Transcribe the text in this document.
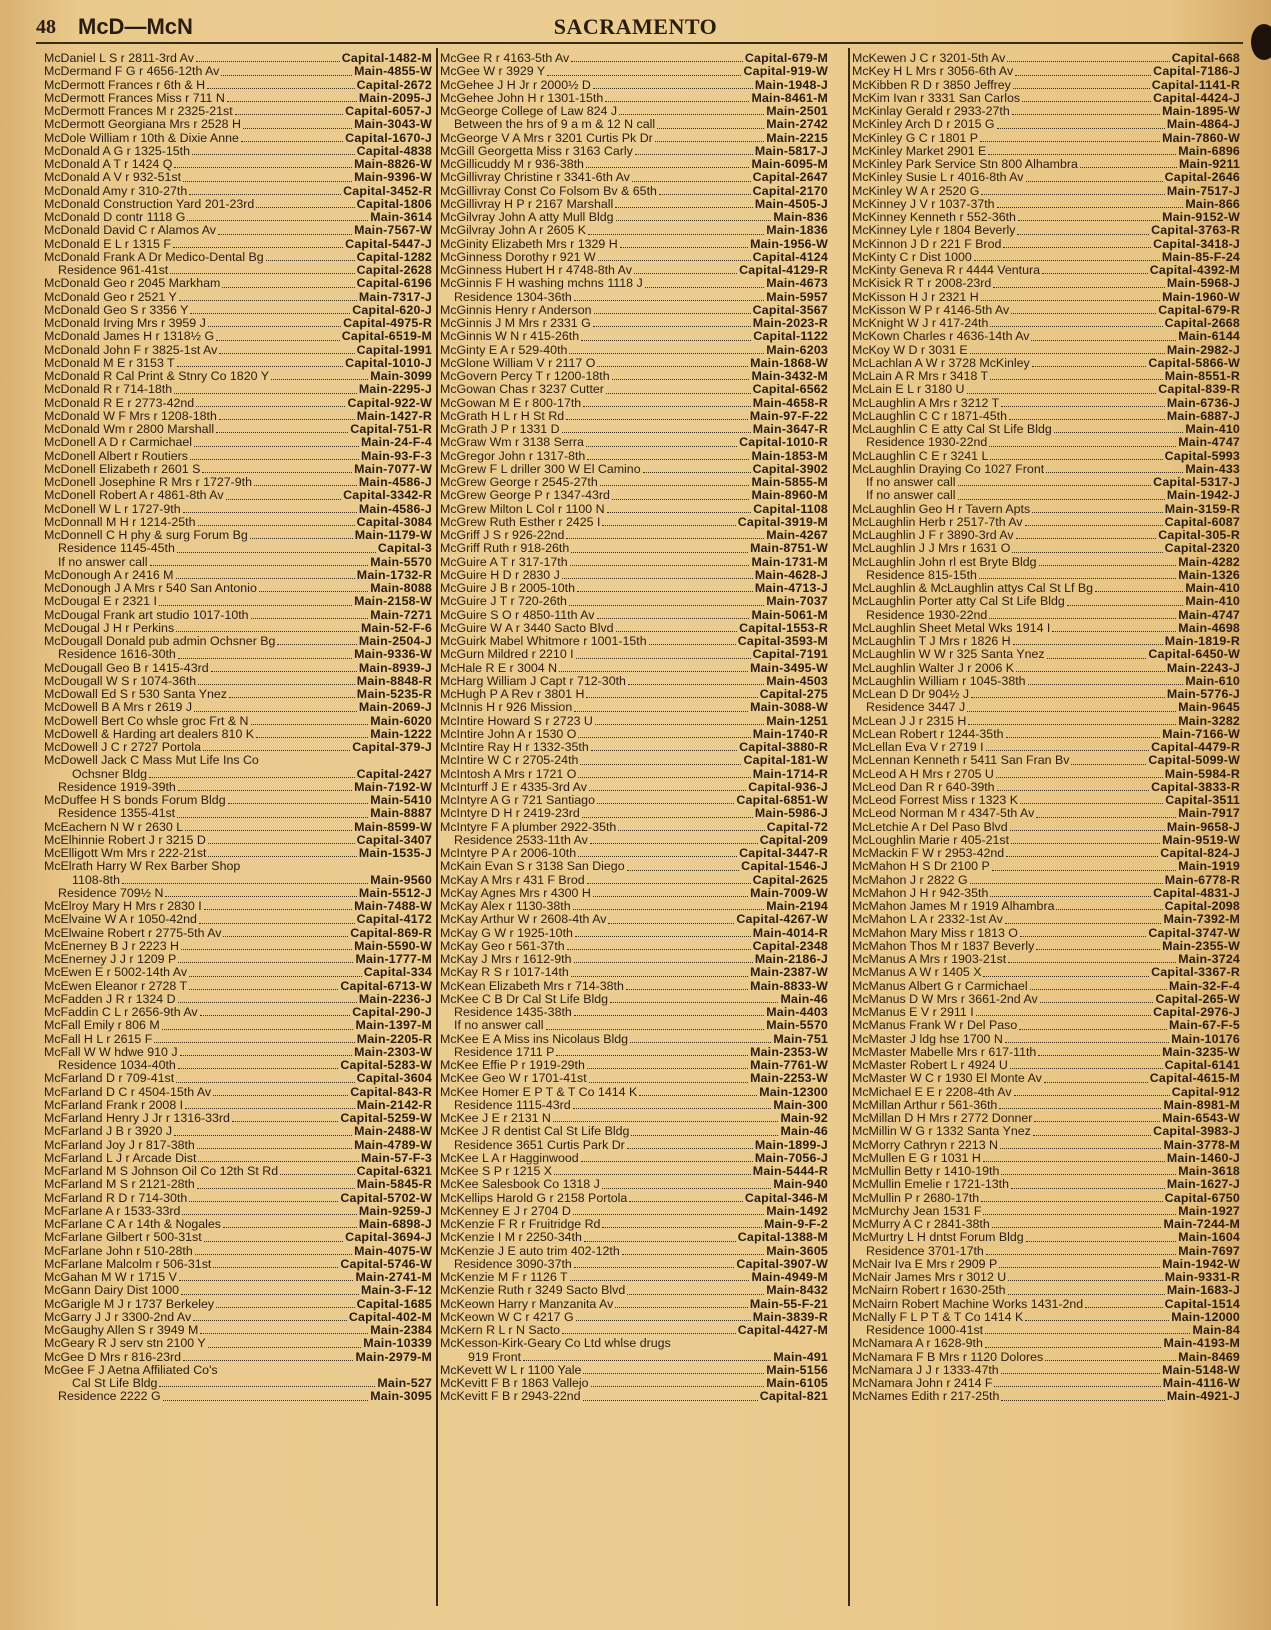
48 McD—McN	SACRAMENTO
McDaniel L S r 2811-3rd Av	Capital-1482-M
McDermand F G r 4656-12th Av	Main-4855-W
McDermott Frances r 6th & H	Capital-2672
McDermott Frances Miss r 711 N	Main-2095-J
McDermott Frances M r 2325-21st	Capital-6057-J
McDermott Georgiana Mrs r 2528 H	Main-3043-W
McDole William r 10th & Dixie Anne	Capital-1670-J
McDonald A G r 1325-15th	Capital-4838
McDonald A T r 1424 Q	Main-8826-W
McDonald A V r 932-51st	Main-9396-W
McDonald Amy r 310-27th	Capital-3452-R
McDonald Construction Yard 201-23rd	Capital-1806
McDonald D contr 1118 G	Main-3614
McDonald David C r Alamos Av	Main-7567-W
McDonald E L r 1315 F	Capital-5447-J
McDonald Frank A Dr Medico-Dental Bg	Capital-1282
Residence 961-41st	Capital-2628
McDonald Geo r 2045 Markham	Capital-6196
McDonald Geo r 2521 Y	Main-7317-J
McDonald Geo S r 3356 Y	Capital-620-J
McDonald Irving Mrs r 3959 J	Capital-4975-R
McDonald James H r 1318½ G	Capital-6519-M
McDonald John F r 3825-1st Av	Capital-1991
McDonald M E r 3153 T	Capital-1010-J
McDonald R Cal Print & Stnry Co 1820 Y	Main-3099
McDonald R r 714-18th	Main-2295-J
McDonald R E r 2773-42nd	Capital-922-W
McDonald W F Mrs r 1208-18th	Main-1427-R
McDonald Wm r 2800 Marshall	Capital-751-R
McDonell A D r Carmichael	Main-24-F-4
McDonell Albert r Routiers	Main-93-F-3
McDonell Elizabeth r 2601 S	Main-7077-W
McDonell Josephine R Mrs r 1727-9th	Main-4586-J
McDonell Robert A r 4861-8th Av	Capital-3342-R
McDonell W L r 1727-9th	Main-4586-J
McDonnall M H r 1214-25th	Capital-3084
McDonnell C H phy & surg Forum Bg	Main-1179-W
Residence 1145-45th	Capital-3
If no answer call	Main-5570
McDonough A r 2416 M	Main-1732-R
McDonough J A Mrs r 540 San Antonio	Main-8088
McDougal E r 2321 I	Main-2158-W
McDougal Frank art studio 1017-10th	Main-7271
McDougal J H r Perkins	Main-52-F-6
McDougall Donald pub admin Ochsner Bg	Main-2504-J
Residence 1616-30th	Main-9336-W
McDougall Geo B r 1415-43rd	Main-8939-J
McDougall W S r 1074-36th	Main-8848-R
McDowall Ed S r 530 Santa Ynez	Main-5235-R
McDowell B A Mrs r 2619 J	Main-2069-J
McDowell Bert Co whsle groc Frt & N	Main-6020
McDowell & Harding art dealers 810 K	Main-1222
McDowell J C r 2727 Portola	Capital-379-J
McDowell Jack C Mass Mut Life Ins Co
Ochsner Bldg	Capital-2427
Residence 1919-39th	Main-7192-W
McDuffee H S bonds Forum Bldg	Main-5410
Residence 1355-41st	Main-8887
McEachern N W r 2630 L	Main-8599-W
McElhinnie Robert J r 3215 D	Capital-3407
McElligott Wm Mrs r 222-21st	Main-1535-J
McElrath Harry W Rex Barber Shop
1108-8th	Main-9560
Residence 709½ N	Main-5512-J
McElroy Mary H Mrs r 2830 I	Main-7488-W
McElvaine W A r 1050-42nd	Capital-4172
McElwaine Robert r 2775-5th Av	Capital-869-R
McEnerney B J r 2223 H	Main-5590-W
McEnerney J J r 1209 P	Main-1777-M
McEwen E r 5002-14th Av	Capital-334
McEwen Eleanor r 2728 T	Capital-6713-W
McFadden J R r 1324 D	Main-2236-J
McFaddin C L r 2656-9th Av	Capital-290-J
McFall Emily r 806 M	Main-1397-M
McFall H L r 2615 F	Main-2205-R
McFall W W hdwe 910 J	Main-2303-W
Residence 1034-40th	Capital-5283-W
McFarland D r 709-41st	Capital-3604
McFarland D C r 4504-15th Av	Capital-843-R
McFarland Frank r 2008 I	Main-2142-R
McFarland Henry J Jr r 1316-33rd	Capital-5259-W
McFarland J B r 3920 J	Main-2488-W
McFarland Joy J r 817-38th	Main-4789-W
McFarland L J r Arcade Dist	Main-57-F-3
McFarland M S Johnson Oil Co 12th St Rd	Capital-6321
McFarland M S r 2121-28th	Main-5845-R
McFarland R D r 714-30th	Capital-5702-W
McFarlane A r 1533-33rd	Main-9259-J
McFarlane C A r 14th & Nogales	Main-6898-J
McFarlane Gilbert r 500-31st	Capital-3694-J
McFarlane John r 510-28th	Main-4075-W
McFarlane Malcolm r 506-31st	Capital-5746-W
McGahan M W r 1715 V	Main-2741-M
McGann Dairy Dist 1000	Main-3-F-12
McGarigle M J r 1737 Berkeley	Capital-1685
McGarry J J r 3300-2nd Av	Capital-402-M
McGaughy Allen S r 3949 M	Main-2384
McGeary R J serv stn 2100 Y	Main-10339
McGee D Mrs r 816-23rd	Main-2979-M
McGee F J Aetna Affiliated Co's
Cal St Life Bldg	Main-527
Residence 2222 G	Main-3095
McGee R r 4163-5th Av	Capital-679-M
McGee W r 3929 Y	Capital-919-W
McGehee J H Jr r 2000½ D	Main-1948-J
McGehee John H r 1301-15th	Main-8461-M
McGeorge College of Law 824 J	Main-2501
Between the hrs of 9 a m & 12 N call	Main-2742
McGeorge V A Mrs r 3201 Curtis Pk Dr	Main-2215
McGill Georgetta Miss r 3163 Carly	Main-5817-J
McGillicuddy M r 936-38th	Main-6095-M
McGillivray Christine r 3341-6th Av	Capital-2647
McGillivray Const Co Folsom Bv & 65th	Capital-2170
McGillivray H P r 2167 Marshall	Main-4505-J
McGilvray John A atty Mull Bldg	Main-836
McGilvray John A r 2605 K	Main-1836
McGinity Elizabeth Mrs r 1329 H	Main-1956-W
McGinness Dorothy r 921 W	Capital-4124
McGinness Hubert H r 4748-8th Av	Capital-4129-R
McGinnis F H washing mchns 1118 J	Main-4673
Residence 1304-36th	Main-5957
McGinnis Henry r Anderson	Capital-3567
McGinnis J M Mrs r 2331 G	Main-2023-R
McGinnis W N r 415-26th	Capital-1122
McGinty E A r 529-40th	Main-6203
McGlone William V r 2117 O	Main-1868-W
McGovern Percy T r 1200-18th	Main-3432-M
McGowan Chas r 3237 Cutter	Capital-6562
McGowan M E r 800-17th	Main-4658-R
McGrath H L r H St Rd	Main-97-F-22
McGrath J P r 1331 D	Main-3647-R
McGraw Wm r 3138 Serra	Capital-1010-R
McGregor John r 1317-8th	Main-1853-M
McGrew F L driller 300 W El Camino	Capital-3902
McGrew George r 2545-27th	Main-5855-M
McGrew George P r 1347-43rd	Main-8960-M
McGrew Milton L Col r 1100 N	Capital-1108
McGrew Ruth Esther r 2425 I	Capital-3919-M
McGriff J S r 926-22nd	Main-4267
McGriff Ruth r 918-26th	Main-8751-W
McGuire A T r 317-17th	Main-1731-M
McGuire H D r 2830 J	Main-4628-J
McGuire J B r 2005-10th	Main-4713-J
McGuire J T r 720-26th	Main-7037
McGuire S O r 4850-11th Av	Main-5061-M
McGuire W A r 3440 Sacto Blvd	Capital-1553-R
McGuirk Mabel Whitmore r 1001-15th	Capital-3593-M
McGurn Mildred r 2210 I	Capital-7191
McHale R E r 3004 N	Main-3495-W
McHarg William J Capt r 712-30th	Main-4503
McHugh P A Rev r 3801 H	Capital-275
McInnis H r 926 Mission	Main-3088-W
McIntire Howard S r 2723 U	Main-1251
McIntire John A r 1530 O	Main-1740-R
McIntire Ray H r 1332-35th	Capital-3880-R
McIntire W C r 2705-24th	Capital-181-W
McIntosh A Mrs r 1721 O	Main-1714-R
McInturff J E r 4335-3rd Av	Capital-936-J
McIntyre A G r 721 Santiago	Capital-6851-W
McIntyre D H r 2419-23rd	Main-5986-J
McIntyre F A plumber 2922-35th	Capital-72
Residence 2533-11th Av	Capital-209
McIntyre P A r 2006-10th	Capital-3447-R
McKain Evan S r 3138 San Diego	Capital-1546-J
McKay A Mrs r 431 F Brod	Capital-2625
McKay Agnes Mrs r 4300 H	Main-7009-W
McKay Alex r 1130-38th	Main-2194
McKay Arthur W r 2608-4th Av	Capital-4267-W
McKay G W r 1925-10th	Main-4014-R
McKay Geo r 561-37th	Capital-2348
McKay J Mrs r 1612-9th	Main-2186-J
McKay R S r 1017-14th	Main-2387-W
McKean Elizabeth Mrs r 714-38th	Main-8833-W
McKee C B Dr Cal St Life Bldg	Main-46
Residence 1435-38th	Main-4403
If no answer call	Main-5570
McKee E A Miss ins Nicolaus Bldg	Main-751
Residence 1711 P	Main-2353-W
McKee Effie P r 1919-29th	Main-7761-W
McKee Geo W r 1701-41st	Main-2253-W
McKee Homer E P T & T Co 1414 K	Main-12300
Residence 1115-43rd	Main-300
McKee J E r 2131 N	Main-92
McKee J R dentist Cal St Life Bldg	Main-46
Residence 3651 Curtis Park Dr	Main-1899-J
McKee L A r Hagginwood	Main-7056-J
McKee S P r 1215 X	Main-5444-R
McKee Salesbook Co 1318 J	Main-940
McKellips Harold G r 2158 Portola	Capital-346-M
McKenney E J r 2704 D	Main-1492
McKenzie F R r Fruitridge Rd	Main-9-F-2
McKenzie I M r 2250-34th	Capital-1388-M
McKenzie J E auto trim 402-12th	Main-3605
Residence 3090-37th	Capital-3907-W
McKenzie M F r 1126 T	Main-4949-M
McKenzie Ruth r 3249 Sacto Blvd	Main-8432
McKeown Harry r Manzanita Av	Main-55-F-21
McKeown W C r 4217 G	Main-3839-R
McKern R L r N Sacto	Capital-4427-M
McKesson-Kirk-Geary Co Ltd whlse drugs
919 Front	Main-491
McKevett W L r 1100 Yale	Main-5156
McKevitt F B r 1863 Vallejo	Main-6105
McKevitt F B r 2943-22nd	Capital-821
McKewen J C r 3201-5th Av	Capital-668
McKey H L Mrs r 3056-6th Av	Capital-7186-J
McKibben R D r 3850 Jeffrey	Capital-1141-R
McKim Ivan r 3331 San Carlos	Capital-4424-J
McKinlay Gerald r 2933-27th	Main-1895-W
McKinley Arch D r 2015 G	Main-4864-J
McKinley G C r 1801 P	Main-7860-W
McKinley Market 2901 E	Main-6896
McKinley Park Service Stn 800 Alhambra	Main-9211
McKinley Susie L r 4016-8th Av	Capital-2646
McKinley W A r 2520 G	Main-7517-J
McKinney J V r 1037-37th	Main-866
McKinney Kenneth r 552-36th	Main-9152-W
McKinney Lyle r 1804 Beverly	Capital-3763-R
McKinnon J D r 221 F Brod	Capital-3418-J
McKinty C r Dist 1000	Main-85-F-24
McKinty Geneva R r 4444 Ventura	Capital-4392-M
McKisick R T r 2008-23rd	Main-5968-J
McKisson H J r 2321 H	Main-1960-W
McKisson W P r 4146-5th Av	Capital-679-R
McKnight W J r 417-24th	Capital-2668
McKown Charles r 4636-14th Av	Main-6144
McKoy W D r 3031 E	Main-2982-J
McLachlan A W r 3728 McKinley	Capital-5866-W
McLain A R Mrs r 3418 T	Main-8551-R
McLain E L r 3180 U	Capital-839-R
McLaughlin A Mrs r 3212 T	Main-6736-J
McLaughlin C C r 1871-45th	Main-6887-J
McLaughlin C E atty Cal St Life Bldg	Main-410
Residence 1930-22nd	Main-4747
McLaughlin C E r 3241 L	Capital-5993
McLaughlin Draying Co 1027 Front	Main-433
If no answer call	Capital-5317-J
If no answer call	Main-1942-J
McLaughlin Geo H r Tavern Apts	Main-3159-R
McLaughlin Herb r 2517-7th Av	Capital-6087
McLaughlin J F r 3890-3rd Av	Capital-305-R
McLaughlin J J Mrs r 1631 O	Capital-2320
McLaughlin John rl est Bryte Bldg	Main-4282
Residence 815-15th	Main-1326
McLaughlin & McLaughlin attys Cal St Lf Bg	Main-410
McLaughlin Porter atty Cal St Life Bldg	Main-410
Residence 1930-22nd	Main-4747
McLaughlin Sheet Metal Wks 1914 I	Main-4698
McLaughlin T J Mrs r 1826 H	Main-1819-R
McLaughlin W W r 325 Santa Ynez	Capital-6450-W
McLaughlin Walter J r 2006 K	Main-2243-J
McLaughlin William r 1045-38th	Main-610
McLean D Dr 904½ J	Main-5776-J
Residence 3447 J	Main-9645
McLean J J r 2315 H	Main-3282
McLean Robert r 1244-35th	Main-7166-W
McLellan Eva V r 2719 I	Capital-4479-R
McLennan Kenneth r 5411 San Fran Bv	Capital-5099-W
McLeod A H Mrs r 2705 U	Main-5984-R
McLeod Dan R r 640-39th	Capital-3833-R
McLeod Forrest Miss r 1323 K	Capital-3511
McLeod Norman M r 4347-5th Av	Main-7917
McLetchie A r Del Paso Blvd	Main-9658-J
McLoughlin Marie r 405-21st	Main-9519-W
McMackin F W r 2953-42nd	Capital-824-J
McMahon H S Dr 2100 P	Main-1919
McMahon J r 2822 G	Main-6778-R
McMahon J H r 942-35th	Capital-4831-J
McMahon James M r 1919 Alhambra	Capital-2098
McMahon L A r 2332-1st Av	Main-7392-M
McMahon Mary Miss r 1813 O	Capital-3747-W
McMahon Thos M r 1837 Beverly	Main-2355-W
McManus A Mrs r 1903-21st	Main-3724
McManus A W r 1405 X	Capital-3367-R
McManus Albert G r Carmichael	Main-32-F-4
McManus D W Mrs r 3661-2nd Av	Capital-265-W
McManus E V r 2911 I	Capital-2976-J
McManus Frank W r Del Paso	Main-67-F-5
McMaster J ldg hse 1700 N	Main-10176
McMaster Mabelle Mrs r 617-11th	Main-3235-W
McMaster Robert L r 4924 U	Capital-6141
McMaster W C r 1930 El Monte Av	Capital-4615-M
McMichael E E r 2208-4th Av	Capital-912
McMillan Arthur r 561-36th	Main-8981-M
McMillan D H Mrs r 2772 Donner	Main-6543-W
McMillin W G r 1332 Santa Ynez	Capital-3983-J
McMorry Cathryn r 2213 N	Main-3778-M
McMullen E G r 1031 H	Main-1460-J
McMullin Betty r 1410-19th	Main-3618
McMullin Emelie r 1721-13th	Main-1627-J
McMullin P r 2680-17th	Capital-6750
McMurchy Jean 1531 F	Main-1927
McMurry A C r 2841-38th	Main-7244-M
McMurtry L H dntst Forum Bldg	Main-1604
Residence 3701-17th	Main-7697
McNair Iva E Mrs r 2909 P	Main-1942-W
McNair James Mrs r 3012 U	Main-9331-R
McNairn Robert r 1630-25th	Main-1683-J
McNairn Robert Machine Works 1431-2nd	Capital-1514
McNally F L P T & T Co 1414 K	Main-12000
Residence 1000-41st	Main-84
McNamara A r 1628-9th	Main-4193-M
McNamara F B Mrs r 1120 Dolores	Main-8469
McNamara J J r 1333-47th	Main-5148-W
McNamara John r 2414 F	Main-4116-W
McNames Edith r 217-25th	Main-4921-J
